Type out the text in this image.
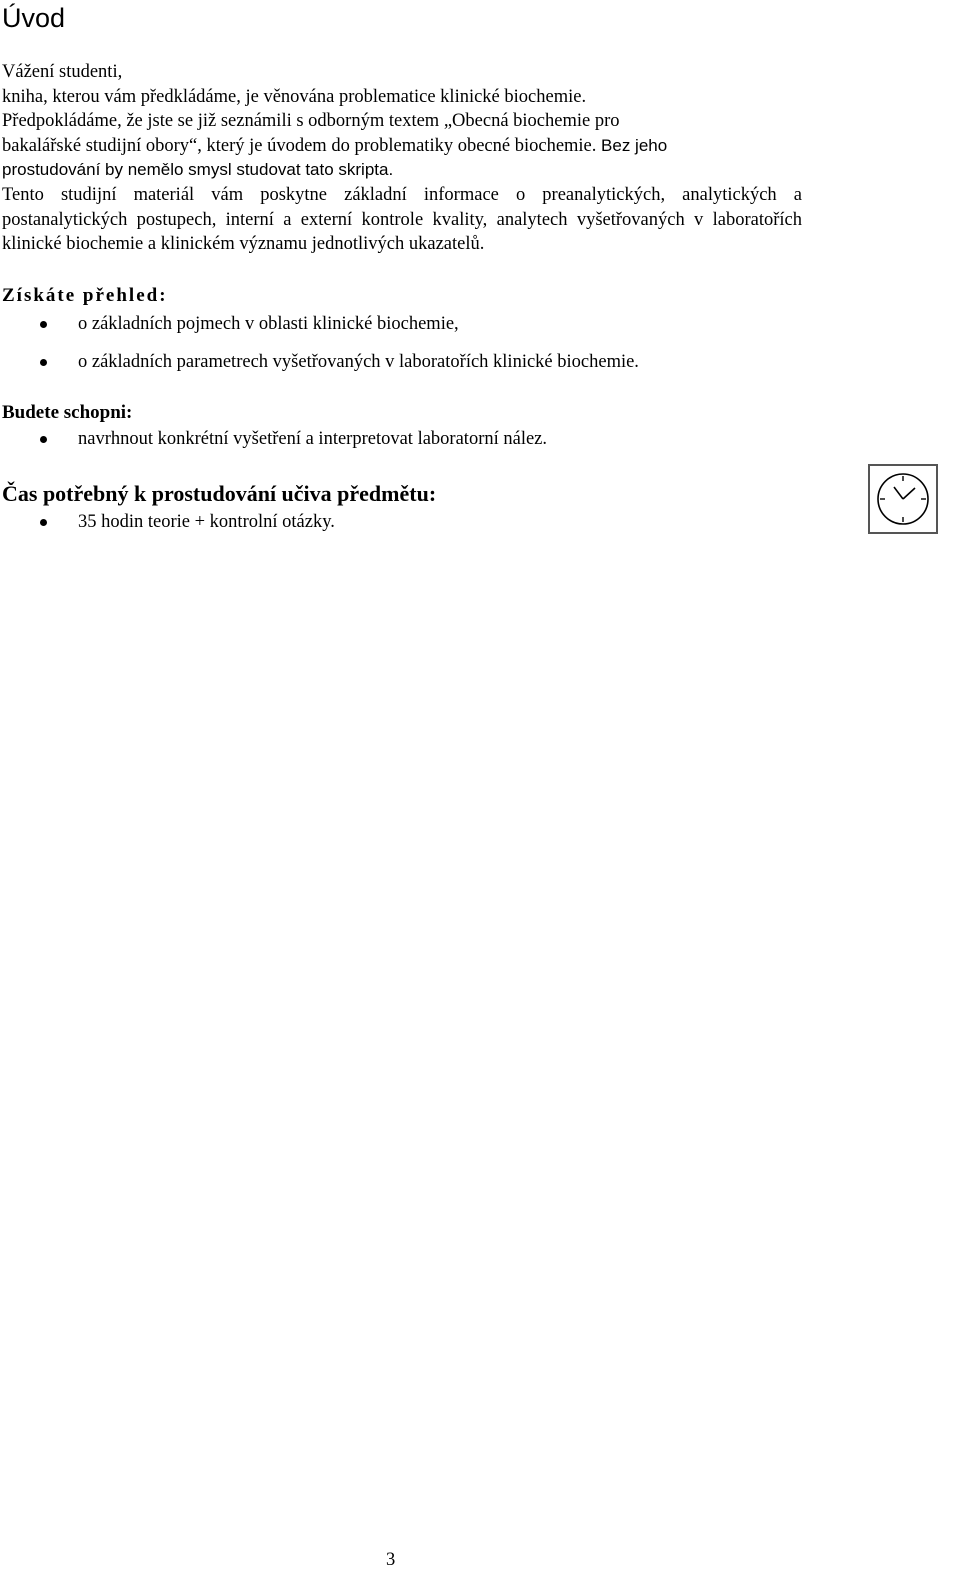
Úvod

Vážení studenti,

kniha, kterou vám předkládáme, je věnována problematice klinické biochemie.

Předpokládáme, že jste se již seznámili s odborným textem „Obecná biochemie pro

bakalářské studijní obory“, který je úvodem do problematiky obecné biochemie. Bez jeho

prostudování by nemělo smysl studovat tato skripta.

Tento studijní materiál vám poskytne základní informace o preanalytických, analytických a postanalytických postupech, interní a externí kontrole kvality, analytech vyšetřovaných v laboratořích klinické biochemie a klinickém významu jednotlivých ukazatelů.

Získáte přehled:
o základních pojmech v oblasti klinické biochemie,
o základních parametrech vyšetřovaných v laboratořích klinické biochemie.
Budete schopni:
navrhnout konkrétní vyšetření a interpretovat laboratorní nález.
Čas potřebný k prostudování učiva předmětu:
35 hodin teorie + kontrolní otázky.
3
